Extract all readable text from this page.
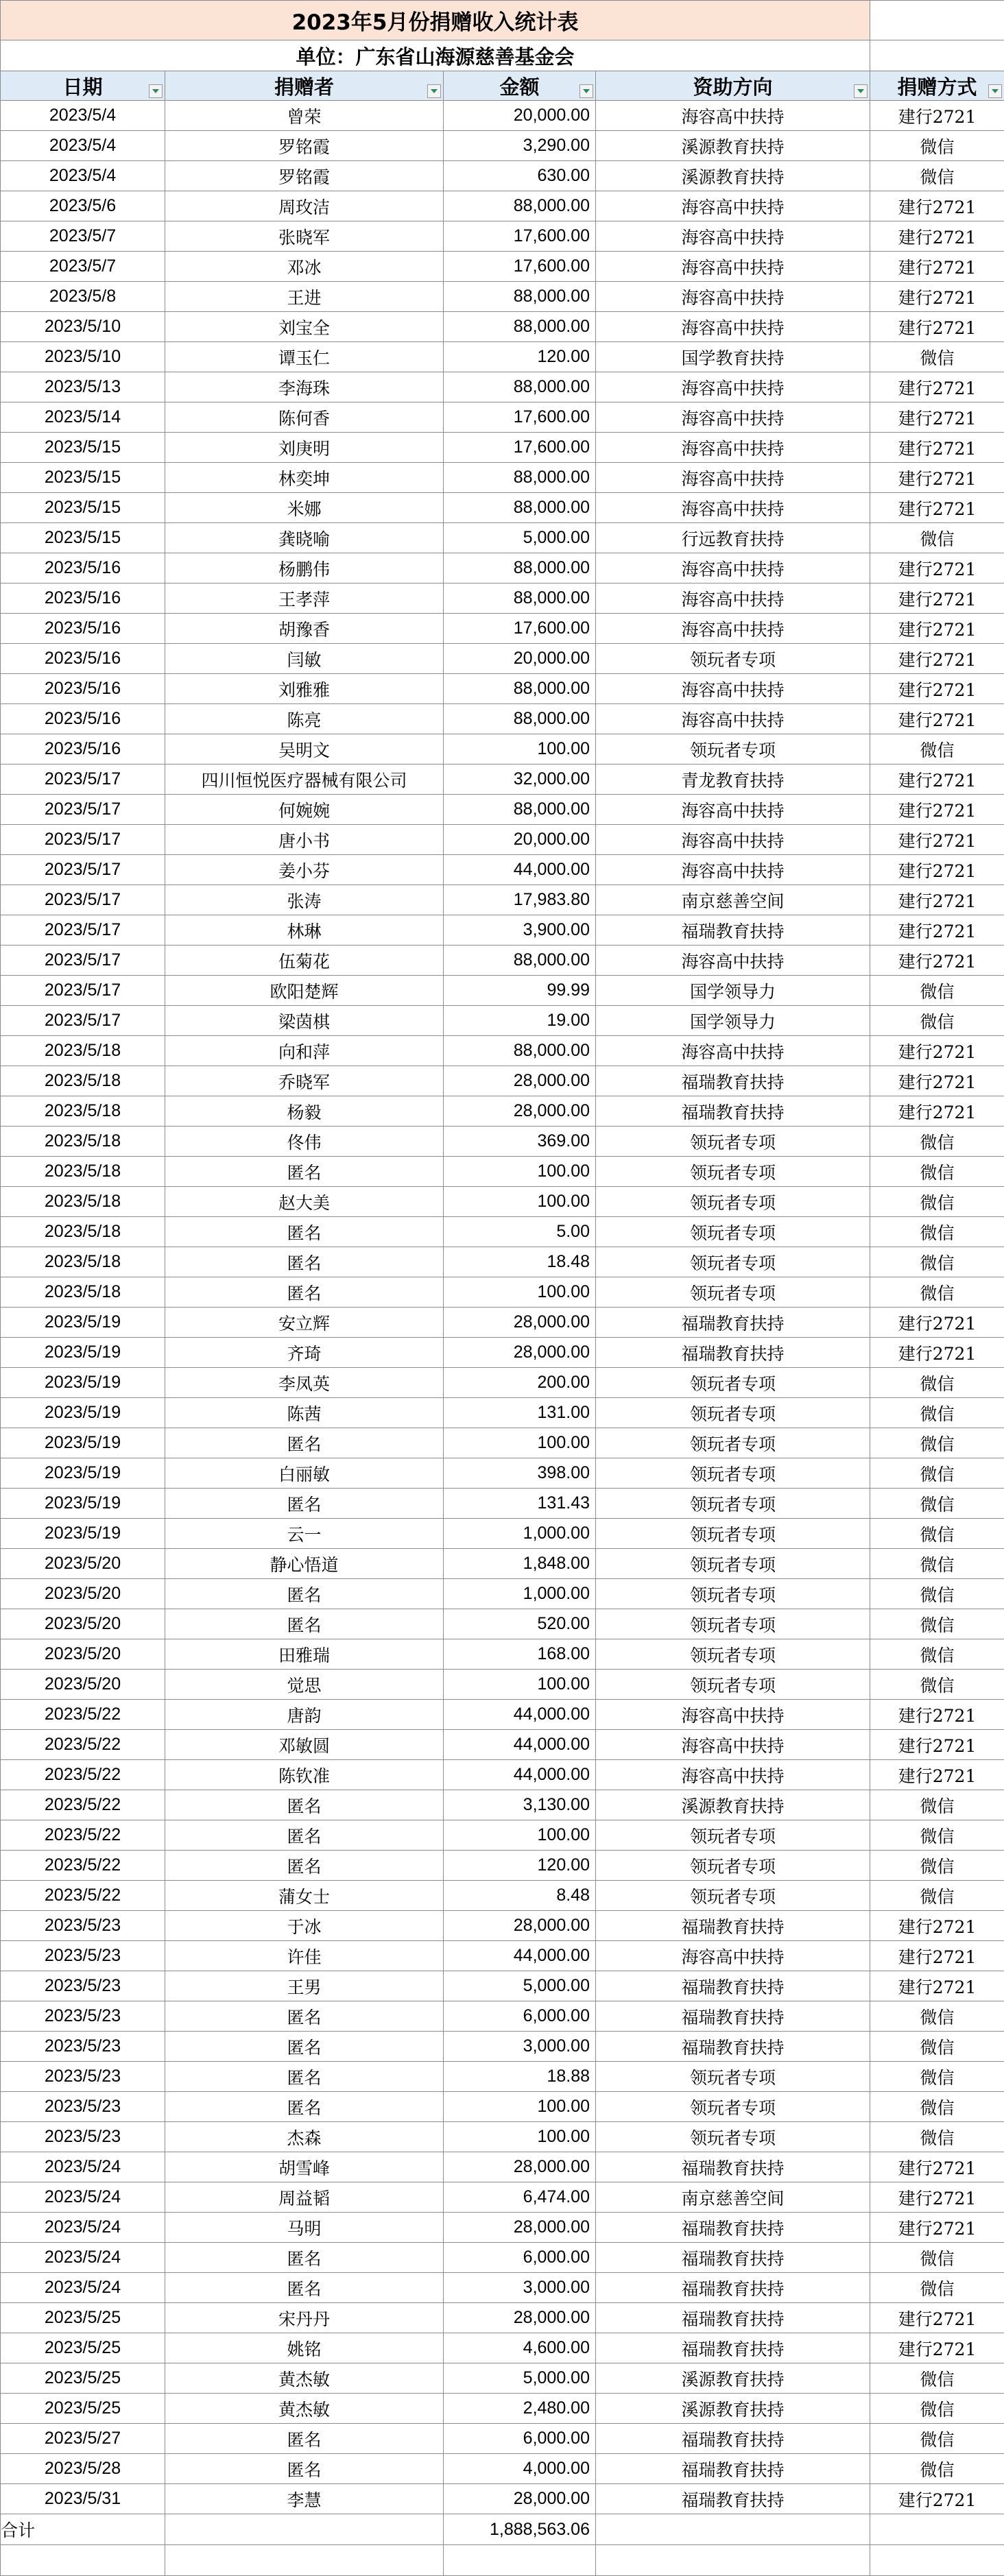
2023年5月份捐赠收入统计表				
单位：广东省山海源慈善基金会				
日期	捐赠者	金额	资助方向	捐赠方式

2023/5/4	曾荣	20,000.00	海容高中扶持	建行2721
2023/5/4	罗铭霞	3,290.00	溪源教育扶持	微信
2023/5/4	罗铭霞	630.00	溪源教育扶持	微信
2023/5/6	周玫洁	88,000.00	海容高中扶持	建行2721
2023/5/7	张晓军	17,600.00	海容高中扶持	建行2721
2023/5/7	邓冰	17,600.00	海容高中扶持	建行2721
2023/5/8	王进	88,000.00	海容高中扶持	建行2721
2023/5/10	刘宝全	88,000.00	海容高中扶持	建行2721
2023/5/10	谭玉仁	120.00	国学教育扶持	微信
2023/5/13	李海珠	88,000.00	海容高中扶持	建行2721
2023/5/14	陈何香	17,600.00	海容高中扶持	建行2721
2023/5/15	刘庚明	17,600.00	海容高中扶持	建行2721
2023/5/15	林奕坤	88,000.00	海容高中扶持	建行2721
2023/5/15	米娜	88,000.00	海容高中扶持	建行2721
2023/5/15	龚晓喻	5,000.00	行远教育扶持	微信
2023/5/16	杨鹏伟	88,000.00	海容高中扶持	建行2721
2023/5/16	王孝萍	88,000.00	海容高中扶持	建行2721
2023/5/16	胡豫香	17,600.00	海容高中扶持	建行2721
2023/5/16	闫敏	20,000.00	领玩者专项	建行2721
2023/5/16	刘雅雅	88,000.00	海容高中扶持	建行2721
2023/5/16	陈亮	88,000.00	海容高中扶持	建行2721
2023/5/16	吴明文	100.00	领玩者专项	微信
2023/5/17	四川恒悦医疗器械有限公司	32,000.00	青龙教育扶持	建行2721
2023/5/17	何婉婉	88,000.00	海容高中扶持	建行2721
2023/5/17	唐小书	20,000.00	海容高中扶持	建行2721
2023/5/17	姜小芬	44,000.00	海容高中扶持	建行2721
2023/5/17	张涛	17,983.80	南京慈善空间	建行2721
2023/5/17	林琳	3,900.00	福瑞教育扶持	建行2721
2023/5/17	伍菊花	88,000.00	海容高中扶持	建行2721
2023/5/17	欧阳楚辉	99.99	国学领导力	微信
2023/5/17	梁茵棋	19.00	国学领导力	微信
2023/5/18	向和萍	88,000.00	海容高中扶持	建行2721
2023/5/18	乔晓军	28,000.00	福瑞教育扶持	建行2721
2023/5/18	杨毅	28,000.00	福瑞教育扶持	建行2721
2023/5/18	佟伟	369.00	领玩者专项	微信
2023/5/18	匿名	100.00	领玩者专项	微信
2023/5/18	赵大美	100.00	领玩者专项	微信
2023/5/18	匿名	5.00	领玩者专项	微信
2023/5/18	匿名	18.48	领玩者专项	微信
2023/5/18	匿名	100.00	领玩者专项	微信
2023/5/19	安立辉	28,000.00	福瑞教育扶持	建行2721
2023/5/19	齐琦	28,000.00	福瑞教育扶持	建行2721
2023/5/19	李凤英	200.00	领玩者专项	微信
2023/5/19	陈茜	131.00	领玩者专项	微信
2023/5/19	匿名	100.00	领玩者专项	微信
2023/5/19	白丽敏	398.00	领玩者专项	微信
2023/5/19	匿名	131.43	领玩者专项	微信
2023/5/19	云一	1,000.00	领玩者专项	微信
2023/5/20	静心悟道	1,848.00	领玩者专项	微信
2023/5/20	匿名	1,000.00	领玩者专项	微信
2023/5/20	匿名	520.00	领玩者专项	微信
2023/5/20	田雅瑞	168.00	领玩者专项	微信
2023/5/20	觉思	100.00	领玩者专项	微信
2023/5/22	唐韵	44,000.00	海容高中扶持	建行2721
2023/5/22	邓敏圆	44,000.00	海容高中扶持	建行2721
2023/5/22	陈钦准	44,000.00	海容高中扶持	建行2721
2023/5/22	匿名	3,130.00	溪源教育扶持	微信
2023/5/22	匿名	100.00	领玩者专项	微信
2023/5/22	匿名	120.00	领玩者专项	微信
2023/5/22	蒲女士	8.48	领玩者专项	微信
2023/5/23	于冰	28,000.00	福瑞教育扶持	建行2721
2023/5/23	许佳	44,000.00	海容高中扶持	建行2721
2023/5/23	王男	5,000.00	福瑞教育扶持	建行2721
2023/5/23	匿名	6,000.00	福瑞教育扶持	微信
2023/5/23	匿名	3,000.00	福瑞教育扶持	微信
2023/5/23	匿名	18.88	领玩者专项	微信
2023/5/23	匿名	100.00	领玩者专项	微信
2023/5/23	杰森	100.00	领玩者专项	微信
2023/5/24	胡雪峰	28,000.00	福瑞教育扶持	建行2721
2023/5/24	周益韬	6,474.00	南京慈善空间	建行2721
2023/5/24	马明	28,000.00	福瑞教育扶持	建行2721
2023/5/24	匿名	6,000.00	福瑞教育扶持	微信
2023/5/24	匿名	3,000.00	福瑞教育扶持	微信
2023/5/25	宋丹丹	28,000.00	福瑞教育扶持	建行2721
2023/5/25	姚铭	4,600.00	福瑞教育扶持	建行2721
2023/5/25	黄杰敏	5,000.00	溪源教育扶持	微信
2023/5/25	黄杰敏	2,480.00	溪源教育扶持	微信
2023/5/27	匿名	6,000.00	福瑞教育扶持	微信
2023/5/28	匿名	4,000.00	福瑞教育扶持	微信
2023/5/31	李慧	28,000.00	福瑞教育扶持	建行2721
合计		1,888,563.06		
